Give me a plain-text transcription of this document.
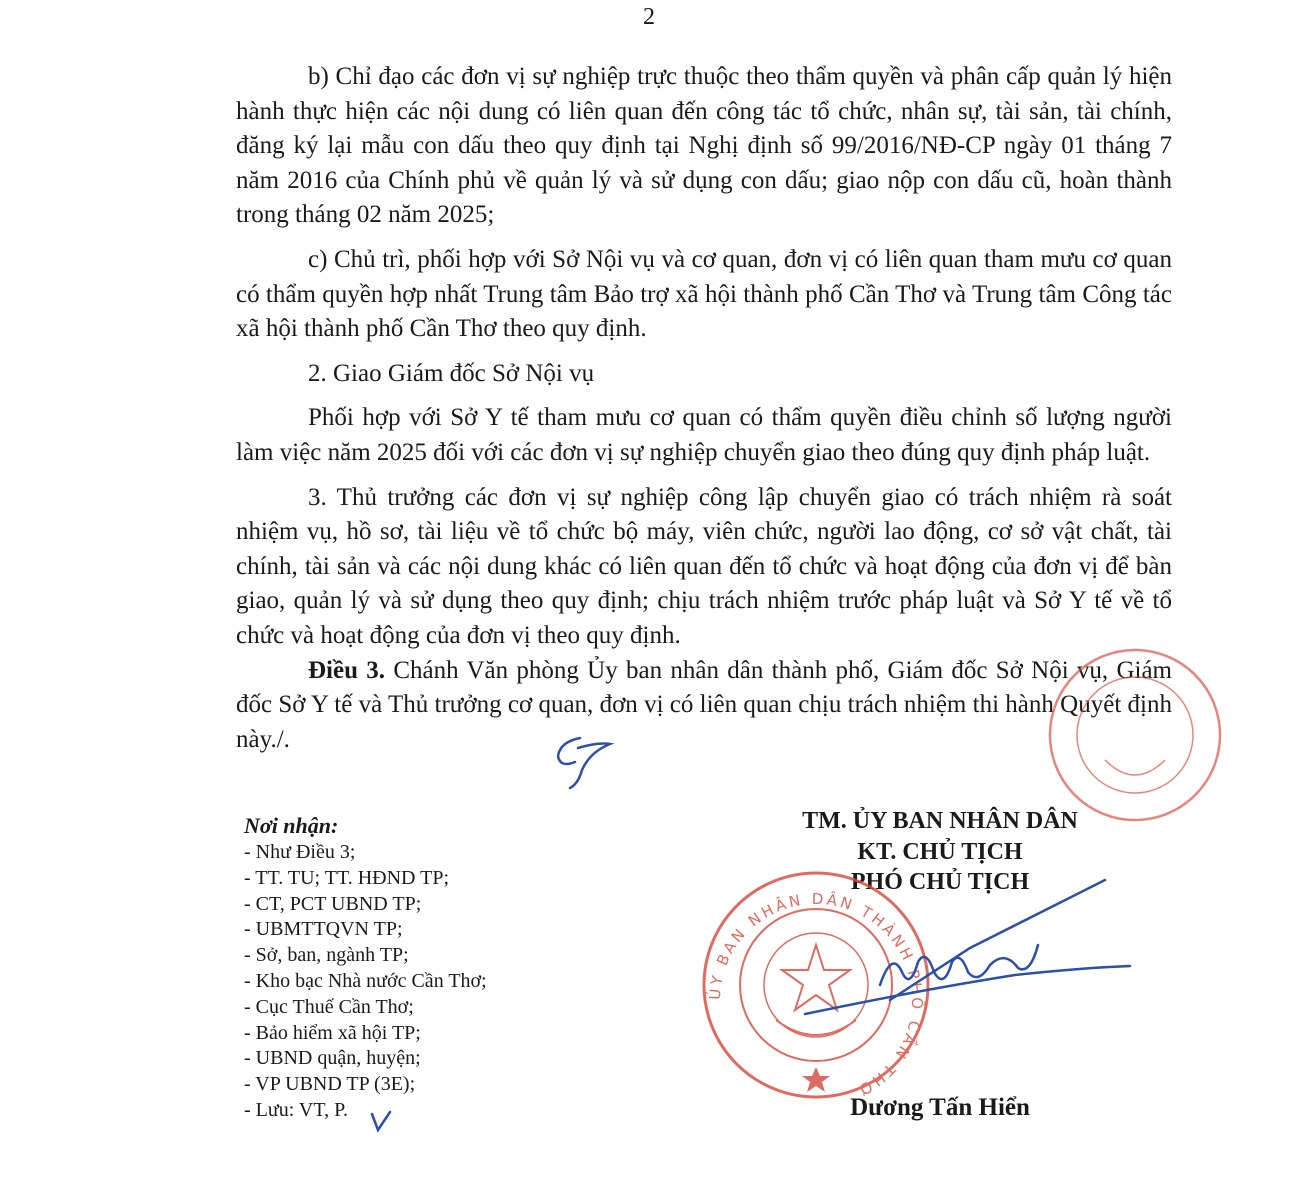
2

b) Chỉ đạo các đơn vị sự nghiệp trực thuộc theo thẩm quyền và phân cấp quản lý hiện hành thực hiện các nội dung có liên quan đến công tác tổ chức, nhân sự, tài sản, tài chính, đăng ký lại mẫu con dấu theo quy định tại Nghị định số 99/2016/NĐ-CP ngày 01 tháng 7 năm 2016 của Chính phủ về quản lý và sử dụng con dấu; giao nộp con dấu cũ, hoàn thành trong tháng 02 năm 2025;

c) Chủ trì, phối hợp với Sở Nội vụ và cơ quan, đơn vị có liên quan tham mưu cơ quan có thẩm quyền hợp nhất Trung tâm Bảo trợ xã hội thành phố Cần Thơ và Trung tâm Công tác xã hội thành phố Cần Thơ theo quy định.

2. Giao Giám đốc Sở Nội vụ

Phối hợp với Sở Y tế tham mưu cơ quan có thẩm quyền điều chỉnh số lượng người làm việc năm 2025 đối với các đơn vị sự nghiệp chuyển giao theo đúng quy định pháp luật.

3. Thủ trưởng các đơn vị sự nghiệp công lập chuyển giao có trách nhiệm rà soát nhiệm vụ, hồ sơ, tài liệu về tổ chức bộ máy, viên chức, người lao động, cơ sở vật chất, tài chính, tài sản và các nội dung khác có liên quan đến tổ chức và hoạt động của đơn vị để bàn giao, quản lý và sử dụng theo quy định; chịu trách nhiệm trước pháp luật và Sở Y tế về tổ chức và hoạt động của đơn vị theo quy định.

Điều 3. Chánh Văn phòng Ủy ban nhân dân thành phố, Giám đốc Sở Nội vụ, Giám đốc Sở Y tế và Thủ trưởng cơ quan, đơn vị có liên quan chịu trách nhiệm thi hành Quyết định này./.

Nơi nhận:
- Như Điều 3;
- TT. TU; TT. HĐND TP;
- CT, PCT UBND TP;
- UBMTTQVN TP;
- Sở, ban, ngành TP;
- Kho bạc Nhà nước Cần Thơ;
- Cục Thuế Cần Thơ;
- Bảo hiểm xã hội TP;
- UBND quận, huyện;
- VP UBND TP (3E);
- Lưu: VT, P.
TM. ỦY BAN NHÂN DÂN
KT. CHỦ TỊCH
PHÓ CHỦ TỊCH
Dương Tấn Hiển
ỦY BAN NHÂN DÂN THÀNH PHỐ CẦN THƠ
